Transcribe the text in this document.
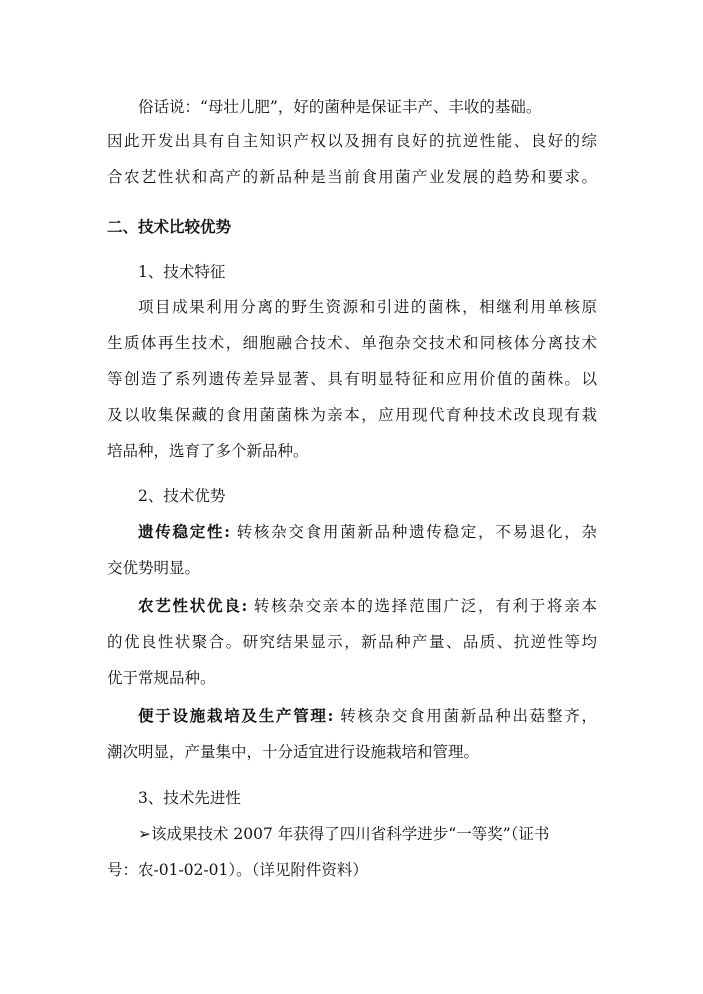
俗话说：“母壮儿肥”，好的菌种是保证丰产、丰收的基础。
因此开发出具有自主知识产权以及拥有良好的抗逆性能、良好的综
合农艺性状和高产的新品种是当前食用菌产业发展的趋势和要求。
二、技术比较优势
1、技术特征
项目成果利用分离的野生资源和引进的菌株，相继利用单核原
生质体再生技术，细胞融合技术、单孢杂交技术和同核体分离技术
等创造了系列遗传差异显著、具有明显特征和应用价值的菌株。以
及以收集保藏的食用菌菌株为亲本，应用现代育种技术改良现有栽
培品种，选育了多个新品种。
2、技术优势
遗传稳定性: 转核杂交食用菌新品种遗传稳定，不易退化，杂
交优势明显。
农艺性状优良: 转核杂交亲本的选择范围广泛，有利于将亲本
的优良性状聚合。研究结果显示，新品种产量、品质、抗逆性等均
优于常规品种。
便于设施栽培及生产管理: 转核杂交食用菌新品种出菇整齐，
潮次明显，产量集中，十分适宜进行设施栽培和管理。
3、技术先进性
➢该成果技术 2007 年获得了四川省科学进步“一等奖”（证书
号：农-01-02-01）。（详见附件资料）
